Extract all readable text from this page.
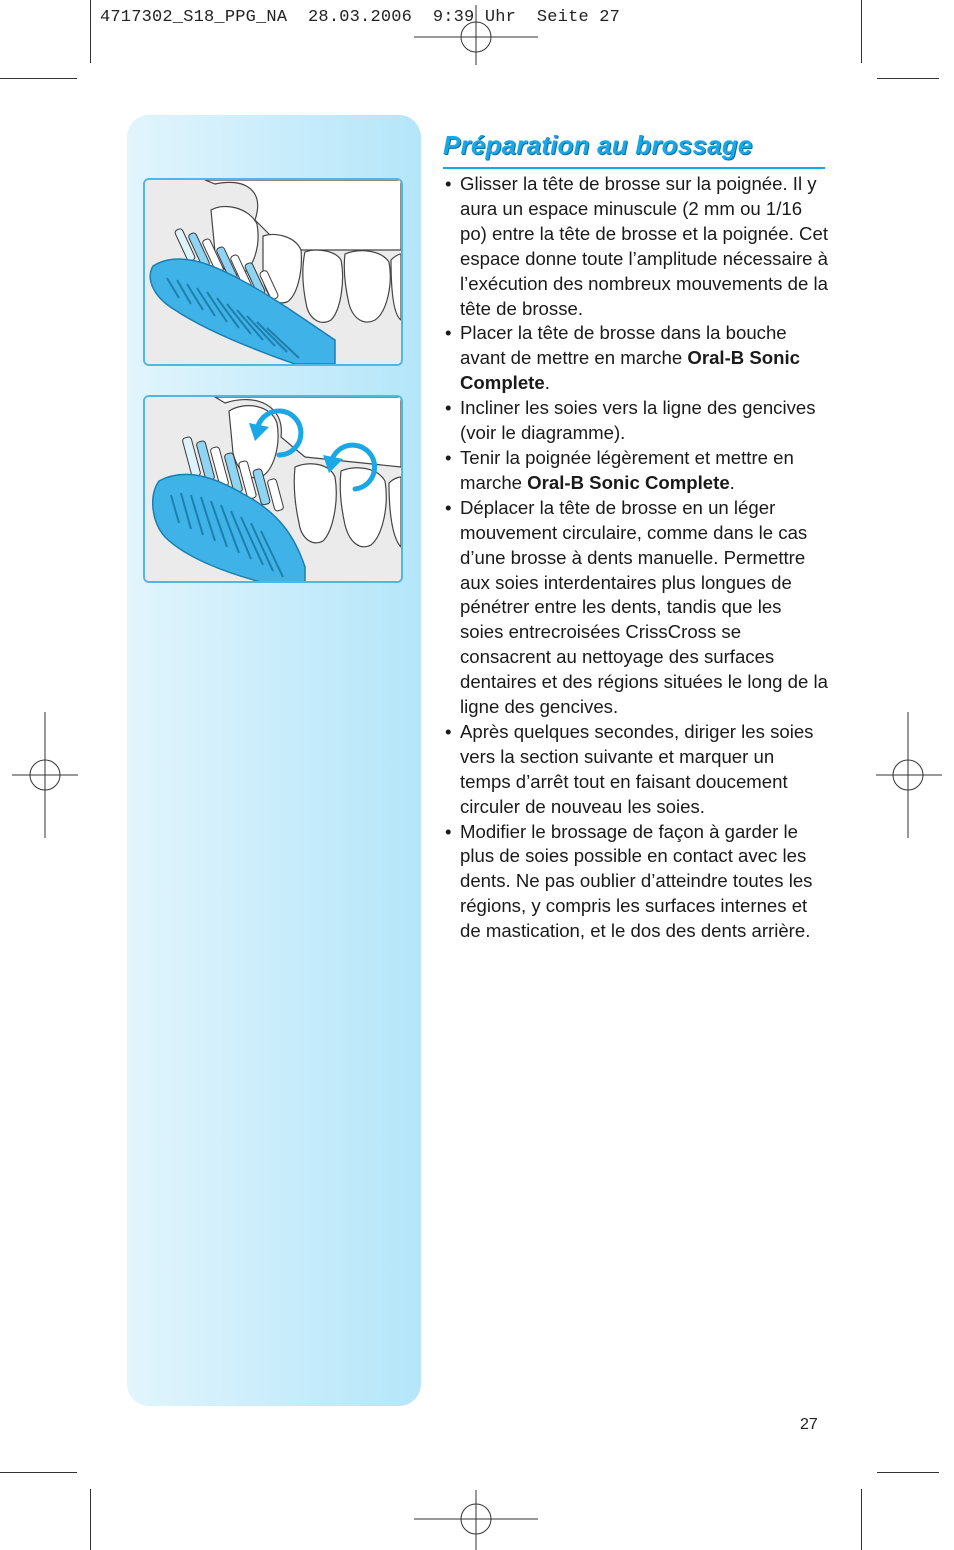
4717302_S18_PPG_NA  28.03.2006  9:39 Uhr  Seite 27
Préparation au brossage
• Glisser la tête de brosse sur la poignée. Il y aura un espace minuscule (2 mm ou 1/16 po) entre la tête de brosse et la poignée. Cet espace donne toute l’amplitude nécessaire à l’exécution des nombreux mouvements de la tête de brosse.
• Placer la tête de brosse dans la bouche avant de mettre en marche Oral-B Sonic Complete.
• Incliner les soies vers la ligne des gencives (voir le diagramme).
• Tenir la poignée légèrement et mettre en marche Oral-B Sonic Complete.
• Déplacer la tête de brosse en un léger mouvement circulaire, comme dans le cas d’une brosse à dents manuelle. Permettre aux soies interdentaires plus longues de pénétrer entre les dents, tandis que les soies entrecroisées CrissCross se consacrent au nettoyage des surfaces dentaires et des régions situées le long de la ligne des gencives.
• Après quelques secondes, diriger les soies vers la section suivante et marquer un temps d’arrêt tout en faisant doucement circuler de nouveau les soies.
• Modifier le brossage de façon à garder le plus de soies possible en contact avec les dents. Ne pas oublier d’atteindre toutes les régions, y compris les surfaces internes et de mastication, et le dos des dents arrière.
27
